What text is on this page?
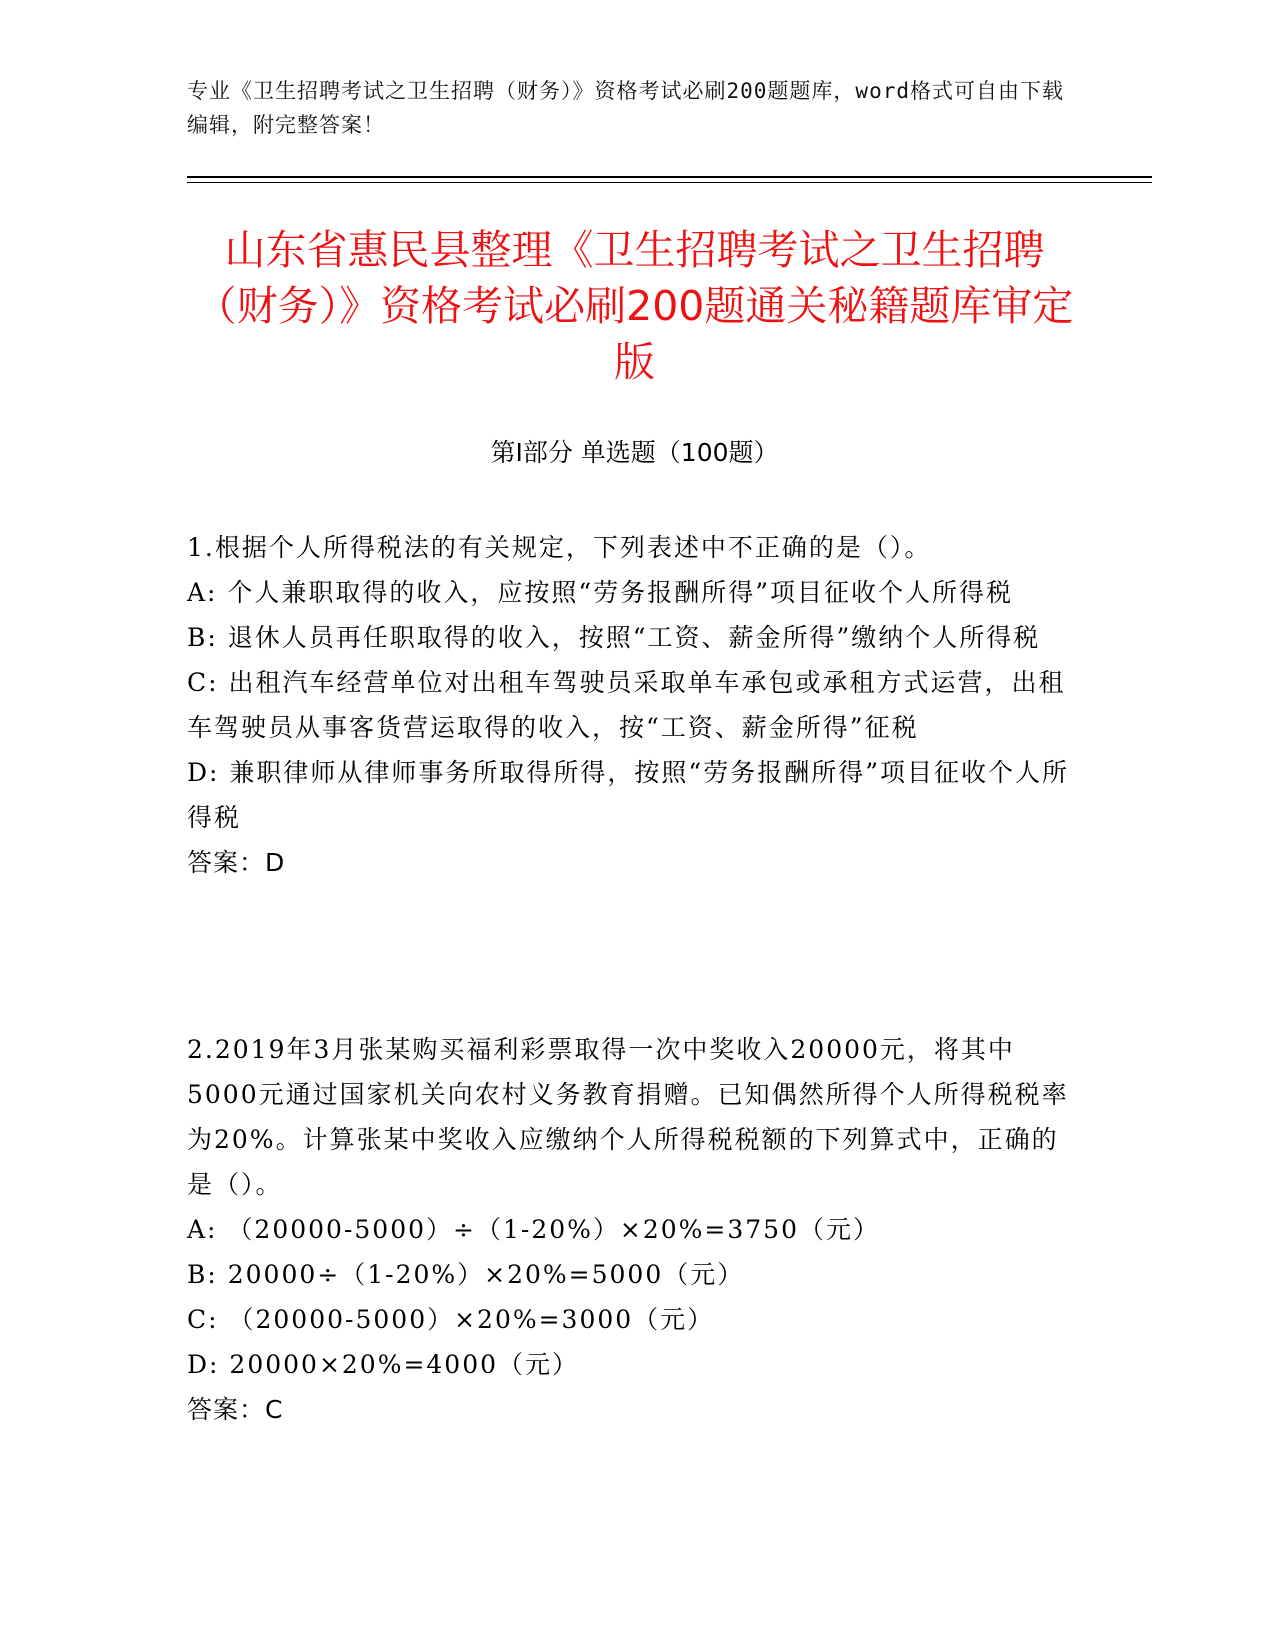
专业《卫生招聘考试之卫生招聘（财务）》资格考试必刷200题题库，word格式可自由下载编辑，附完整答案！
山东省惠民县整理《卫生招聘考试之卫生招聘（财务）》资格考试必刷200题通关秘籍题库审定版
第I部分 单选题（100题）

1.根据个人所得税法的有关规定，下列表述中不正确的是（）。

A: 个人兼职取得的收入，应按照“劳务报酬所得”项目征收个人所得税

B: 退休人员再任职取得的收入，按照“工资、薪金所得”缴纳个人所得税

C: 出租汽车经营单位对出租车驾驶员采取单车承包或承租方式运营，出租车驾驶员从事客货营运取得的收入，按“工资、薪金所得”征税

D: 兼职律师从律师事务所取得所得，按照“劳务报酬所得”项目征收个人所得税

答案：D

2.2019年3月张某购买福利彩票取得一次中奖收入20000元，将其中5000元通过国家机关向农村义务教育捐赠。已知偶然所得个人所得税税率为20%。计算张某中奖收入应缴纳个人所得税税额的下列算式中，正确的是（）。

A: （20000-5000）÷（1-20%）×20%=3750（元）

B: 20000÷（1-20%）×20%=5000（元）

C: （20000-5000）×20%=3000（元）

D: 20000×20%=4000（元）

答案：C
